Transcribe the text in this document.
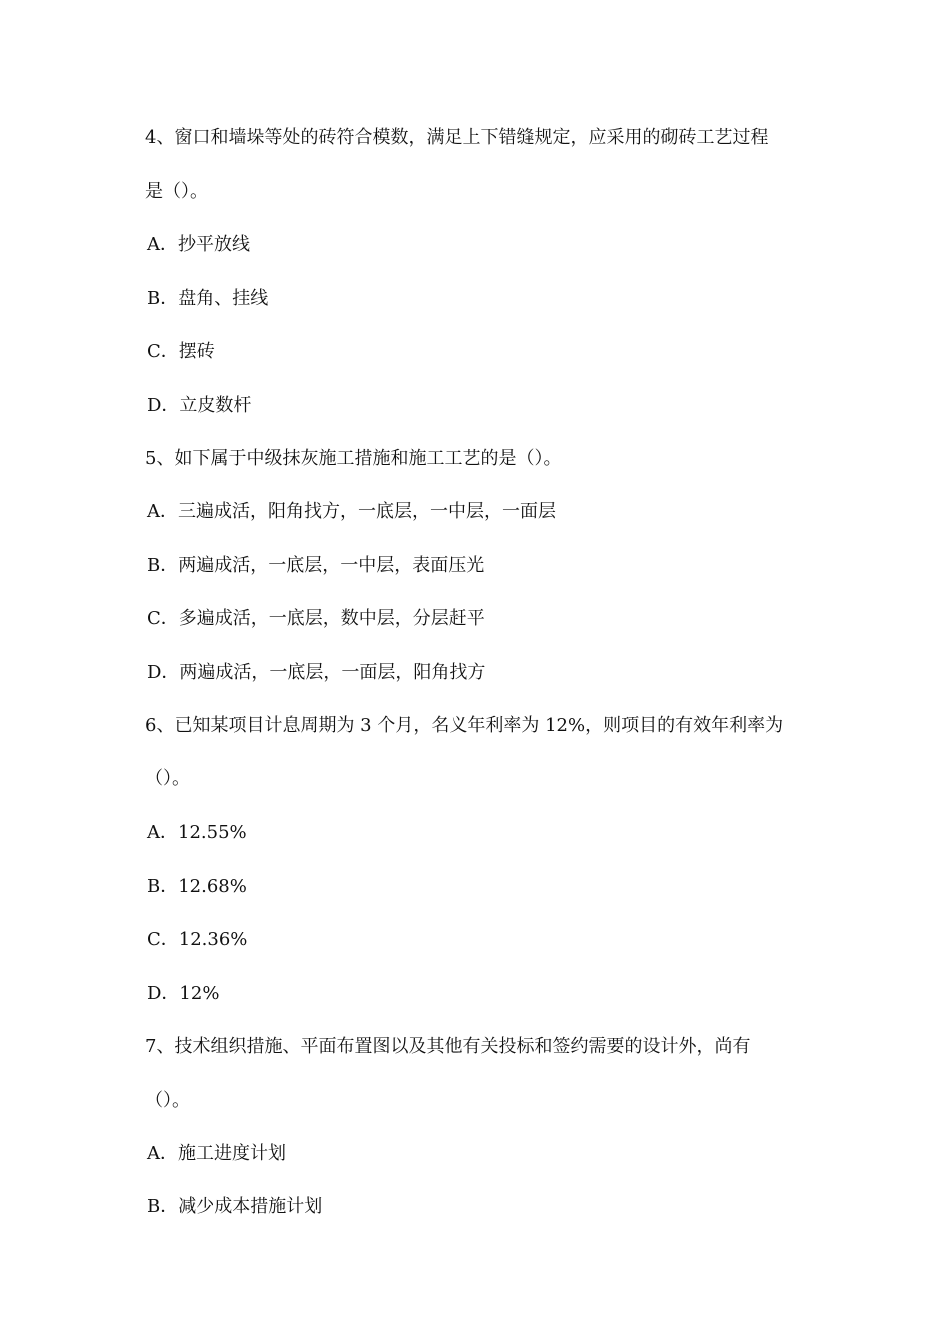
4、窗口和墙垛等处的砖符合模数，满足上下错缝规定，应采用的砌砖工艺过程
是（）。
A．抄平放线
B．盘角、挂线
C．摆砖
D．立皮数杆
5、如下属于中级抹灰施工措施和施工工艺的是（）。
A．三遍成活，阳角找方，一底层，一中层，一面层
B．两遍成活，一底层，一中层，表面压光
C．多遍成活，一底层，数中层，分层赶平
D．两遍成活，一底层，一面层，阳角找方
6、已知某项目计息周期为 3 个月，名义年利率为 12%，则项目的有效年利率为
（）。
A．12.55%
B．12.68%
C．12.36%
D．12%
7、技术组织措施、平面布置图以及其他有关投标和签约需要的设计外，尚有
（）。
A．施工进度计划
B．减少成本措施计划
